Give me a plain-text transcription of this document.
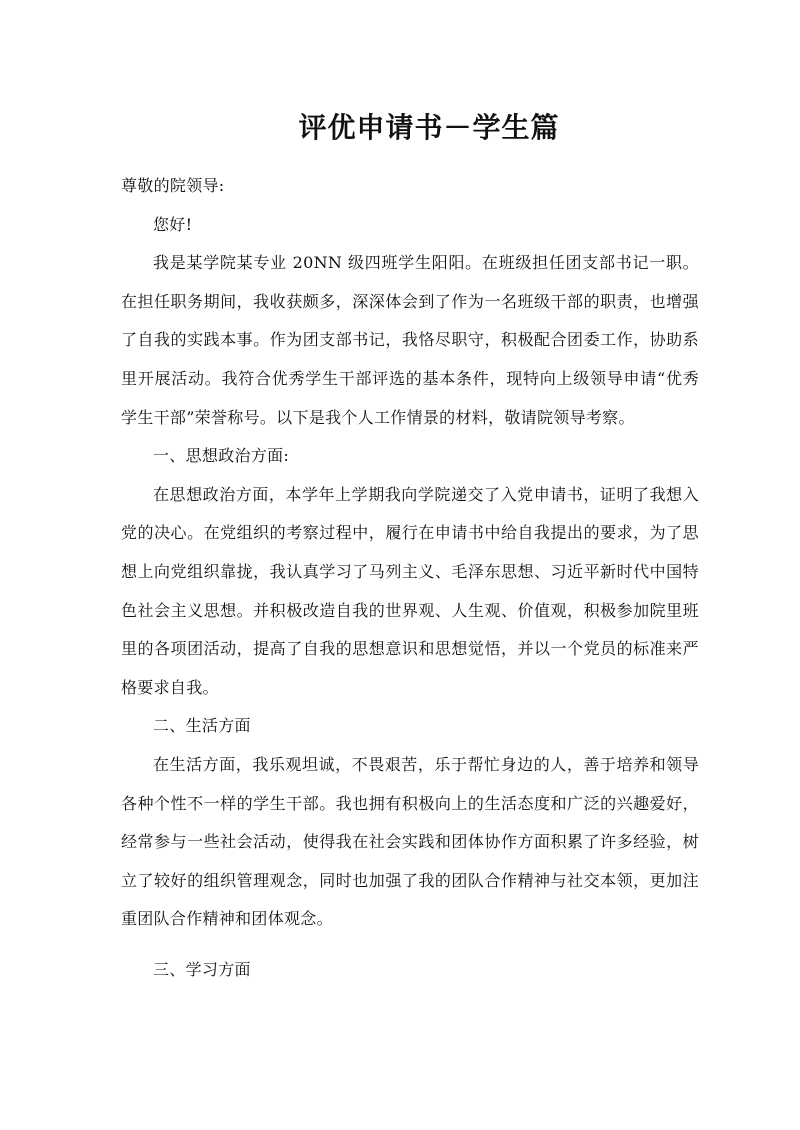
评优申请书－学生篇

尊敬的院领导:

您好!

我是某学院某专业 20NN 级四班学生阳阳。在班级担任团支部书记一职。在担任职务期间，我收获颇多，深深体会到了作为一名班级干部的职责，也增强了自我的实践本事。作为团支部书记，我恪尽职守，积极配合团委工作，协助系里开展活动。我符合优秀学生干部评选的基本条件，现特向上级领导申请“优秀学生干部”荣誉称号。以下是我个人工作情景的材料，敬请院领导考察。

一、思想政治方面:

在思想政治方面，本学年上学期我向学院递交了入党申请书，证明了我想入党的决心。在党组织的考察过程中，履行在申请书中给自我提出的要求，为了思想上向党组织靠拢，我认真学习了马列主义、毛泽东思想、习近平新时代中国特色社会主义思想。并积极改造自我的世界观、人生观、价值观，积极参加院里班里的各项团活动，提高了自我的思想意识和思想觉悟，并以一个党员的标准来严格要求自我。

二、生活方面

在生活方面，我乐观坦诚，不畏艰苦，乐于帮忙身边的人，善于培养和领导各种个性不一样的学生干部。我也拥有积极向上的生活态度和广泛的兴趣爱好，经常参与一些社会活动，使得我在社会实践和团体协作方面积累了许多经验，树立了较好的组织管理观念，同时也加强了我的团队合作精神与社交本领，更加注重团队合作精神和团体观念。

三、学习方面
